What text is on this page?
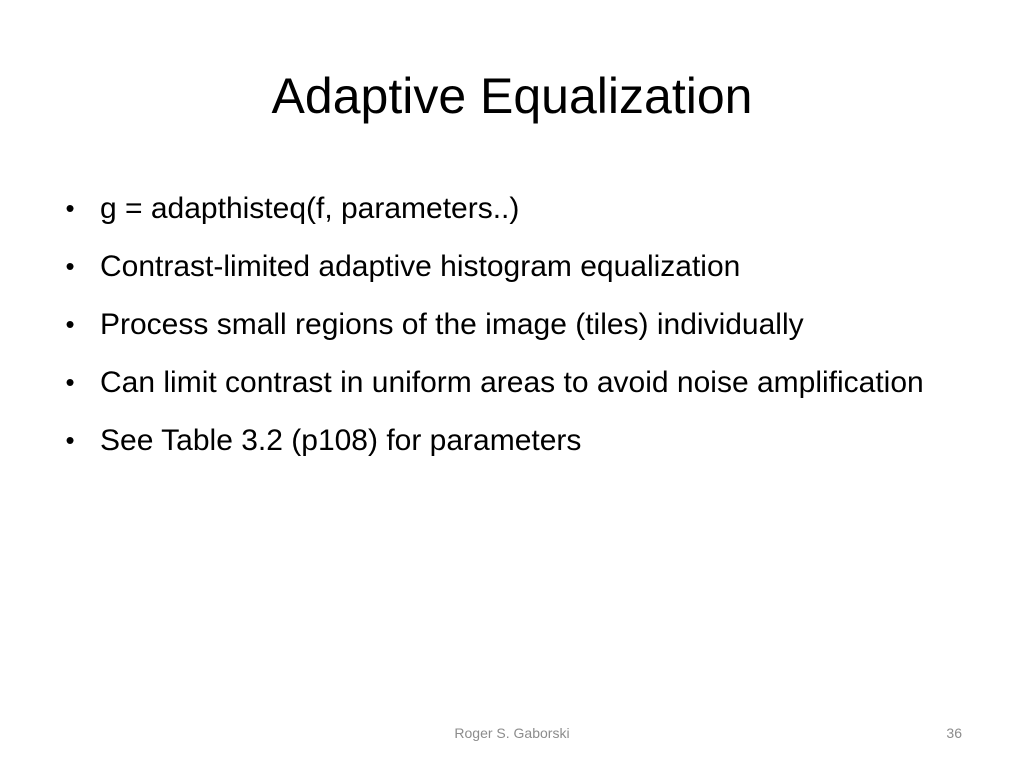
Adaptive Equalization
• g = adapthisteq(f, parameters..)
• Contrast-limited adaptive histogram equalization
• Process small regions of the image (tiles) individually
• Can limit contrast in uniform areas to avoid noise amplification
• See Table 3.2 (p108) for parameters
Roger S. Gaborski	36
